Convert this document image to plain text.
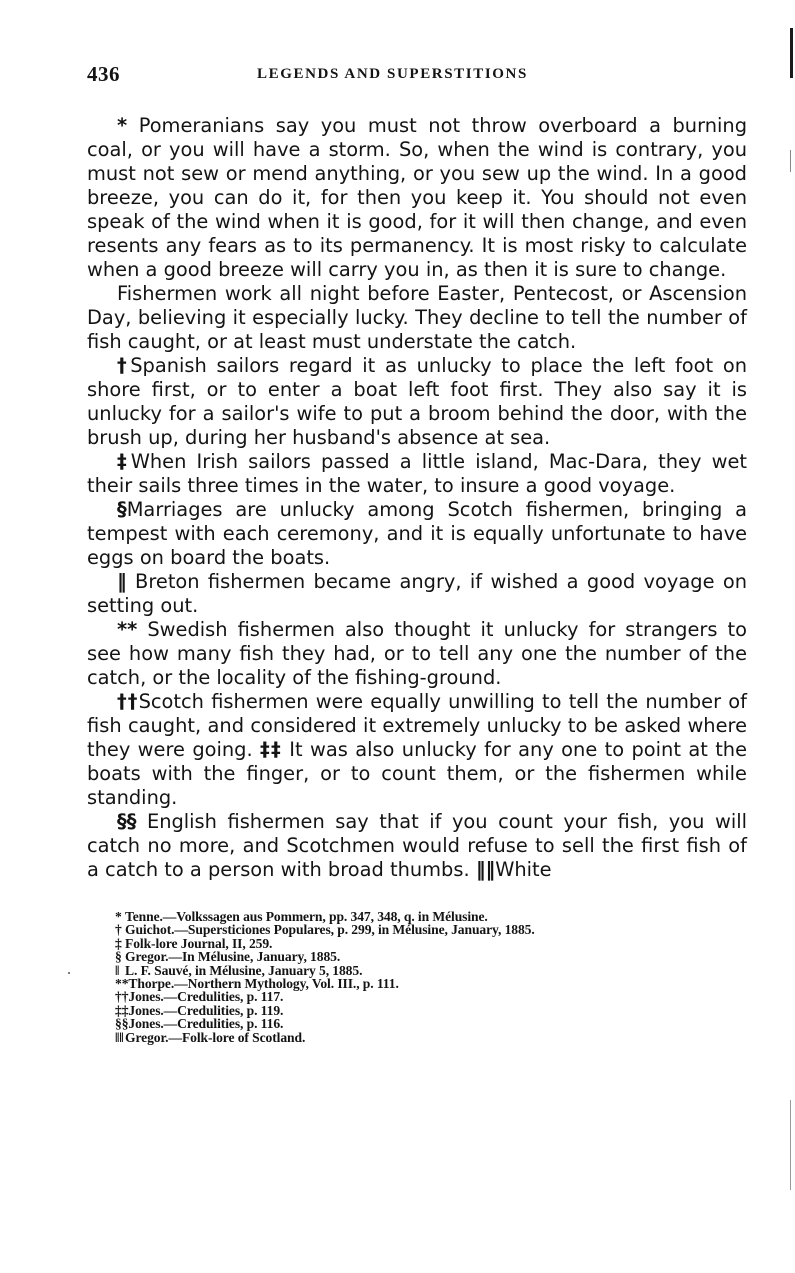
436	LEGENDS AND SUPERSTITIONS

* Pomeranians say you must not throw overboard a burning coal, or you will have a storm. So, when the wind is contrary, you must not sew or mend anything, or you sew up the wind. In a good breeze, you can do it, for then you keep it. You should not even speak of the wind when it is good, for it will then change, and even resents any fears as to its permanency. It is most risky to calculate when a good breeze will carry you in, as then it is sure to change.

Fishermen work all night before Easter, Pentecost, or Ascension Day, believing it especially lucky. They decline to tell the number of fish caught, or at least must understate the catch.

†Spanish sailors regard it as unlucky to place the left foot on shore first, or to enter a boat left foot first. They also say it is unlucky for a sailor's wife to put a broom behind the door, with the brush up, during her husband's absence at sea.

‡When Irish sailors passed a little island, Mac-Dara, they wet their sails three times in the water, to insure a good voyage.

§Marriages are unlucky among Scotch fishermen, bringing a tempest with each ceremony, and it is equally unfortunate to have eggs on board the boats.

‖ Breton fishermen became angry, if wished a good voyage on setting out.

** Swedish fishermen also thought it unlucky for strangers to see how many fish they had, or to tell any one the number of the catch, or the locality of the fishing-ground.

††Scotch fishermen were equally unwilling to tell the number of fish caught, and considered it extremely unlucky to be asked where they were going. ‡‡ It was also unlucky for any one to point at the boats with the finger, or to count them, or the fishermen while standing.

§§ English fishermen say that if you count your fish, you will catch no more, and Scotchmen would refuse to sell the first fish of a catch to a person with broad thumbs. ‖‖White

* Tenne.—Volkssagen aus Pommern, pp. 347, 348, q. in Mélusine.
† Guichot.—Supersticiones Populares, p. 299, in Mélusine, January, 1885.
‡ Folk-lore Journal, II, 259.
§ Gregor.—In Mélusine, January, 1885.
‖ L. F. Sauvé, in Mélusine, January 5, 1885.
**Thorpe.—Northern Mythology, Vol. III., p. 111.
††Jones.—Credulities, p. 117.
‡‡Jones.—Credulities, p. 119.
§§Jones.—Credulities, p. 116.
‖‖Gregor.—Folk-lore of Scotland.
